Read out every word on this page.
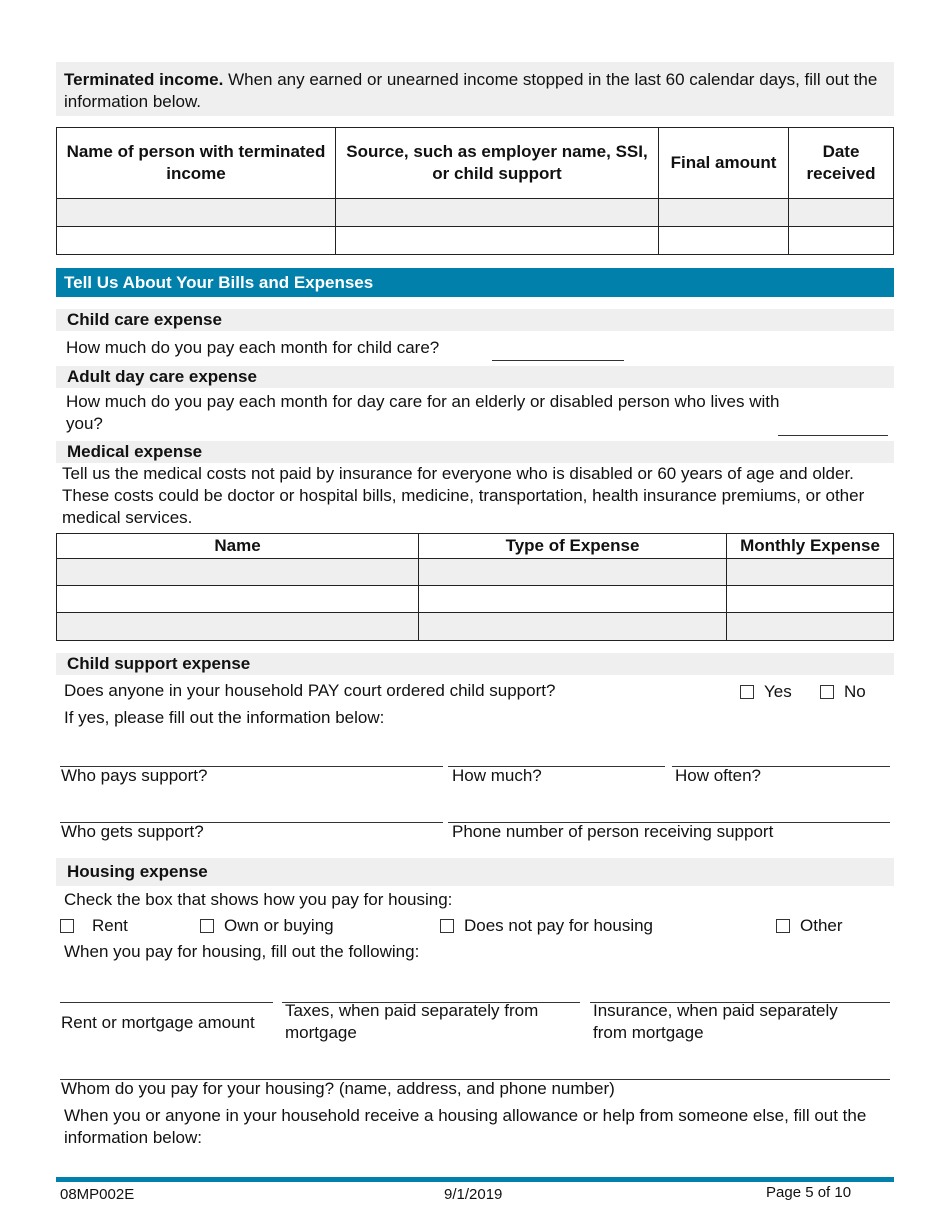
Terminated income. When any earned or unearned income stopped in the last 60 calendar days, fill out the information below.
Name of person with terminated income	Source, such as employer name, SSI, or child support	Final amount	Date received

Tell Us About Your Bills and Expenses
Child care expense
How much do you pay each month for child care?
Adult day care expense
How much do you pay each month for day care for an elderly or disabled person who lives with you?
Medical expense
Tell us the medical costs not paid by insurance for everyone who is disabled or 60 years of age and older. These costs could be doctor or hospital bills, medicine, transportation, health insurance premiums, or other medical services.
Name	Type of Expense	Monthly Expense

Child support expense
Does anyone in your household PAY court ordered child support?	Yes	No
If yes, please fill out the information below:
Who pays support?	How much?	How often?
Who gets support?	Phone number of person receiving support
Housing expense
Check the box that shows how you pay for housing:
Rent	Own or buying	Does not pay for housing	Other
When you pay for housing, fill out the following:
Rent or mortgage amount
Taxes, when paid separately from mortgage
Insurance, when paid separately from mortgage
Whom do you pay for your housing? (name, address, and phone number)
When you or anyone in your household receive a housing allowance or help from someone else, fill out the information below:
08MP002E	9/1/2019	Page 5 of 10
